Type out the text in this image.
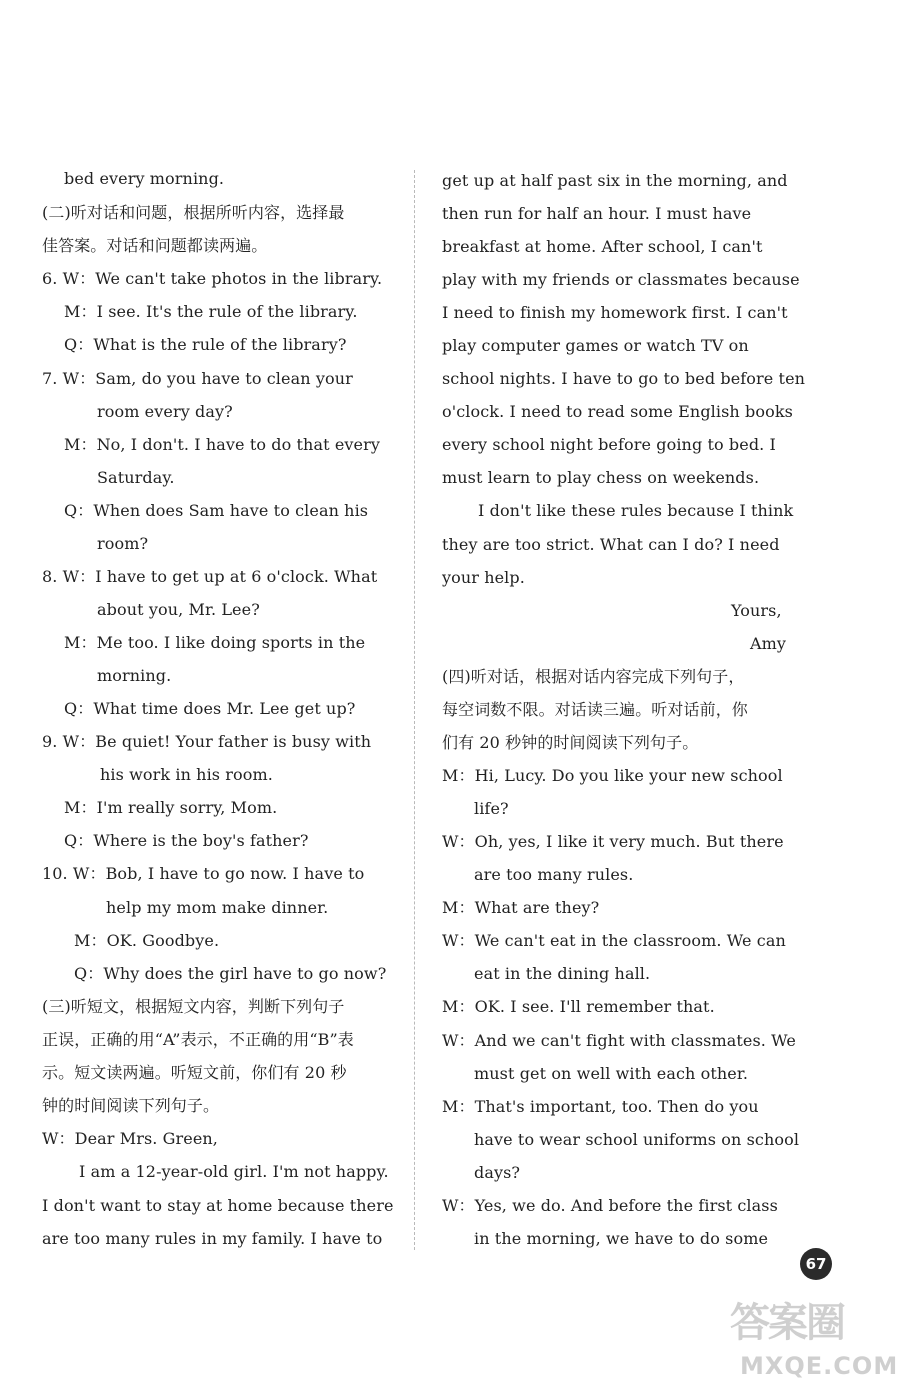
bed every morning.
(二)听对话和问题，根据所听内容，选择最
佳答案。对话和问题都读两遍。
6. W：We can't take photos in the library.
M：I see. It's the rule of the library.
Q：What is the rule of the library?
7. W：Sam, do you have to clean your
room every day?
M：No, I don't. I have to do that every
Saturday.
Q：When does Sam have to clean his
room?
8. W：I have to get up at 6 o'clock. What
about you, Mr. Lee?
M：Me too. I like doing sports in the
morning.
Q：What time does Mr. Lee get up?
9. W：Be quiet! Your father is busy with
his work in his room.
M：I'm really sorry, Mom.
Q：Where is the boy's father?
10. W：Bob, I have to go now. I have to
help my mom make dinner.
M：OK. Goodbye.
Q：Why does the girl have to go now?
(三)听短文，根据短文内容，判断下列句子
正误，正确的用“A”表示，不正确的用“B”表
示。短文读两遍。听短文前，你们有 20 秒
钟的时间阅读下列句子。
W：Dear Mrs. Green,
I am a 12-year-old girl. I'm not happy.
I don't want to stay at home because there
are too many rules in my family. I have to
get up at half past six in the morning, and
then run for half an hour. I must have
breakfast at home. After school, I can't
play with my friends or classmates because
I need to finish my homework first. I can't
play computer games or watch TV on
school nights. I have to go to bed before ten
o'clock. I need to read some English books
every school night before going to bed. I
must learn to play chess on weekends.
I don't like these rules because I think
they are too strict. What can I do? I need
your help.
Yours,
Amy
(四)听对话，根据对话内容完成下列句子，
每空词数不限。对话读三遍。听对话前，你
们有 20 秒钟的时间阅读下列句子。
M：Hi, Lucy. Do you like your new school
life?
W：Oh, yes, I like it very much. But there
are too many rules.
M：What are they?
W：We can't eat in the classroom. We can
eat in the dining hall.
M：OK. I see. I'll remember that.
W：And we can't fight with classmates. We
must get on well with each other.
M：That's important, too. Then do you
have to wear school uniforms on school
days?
W：Yes, we do. And before the first class
in the morning, we have to do some
67
答案圈
MXQE.COM
